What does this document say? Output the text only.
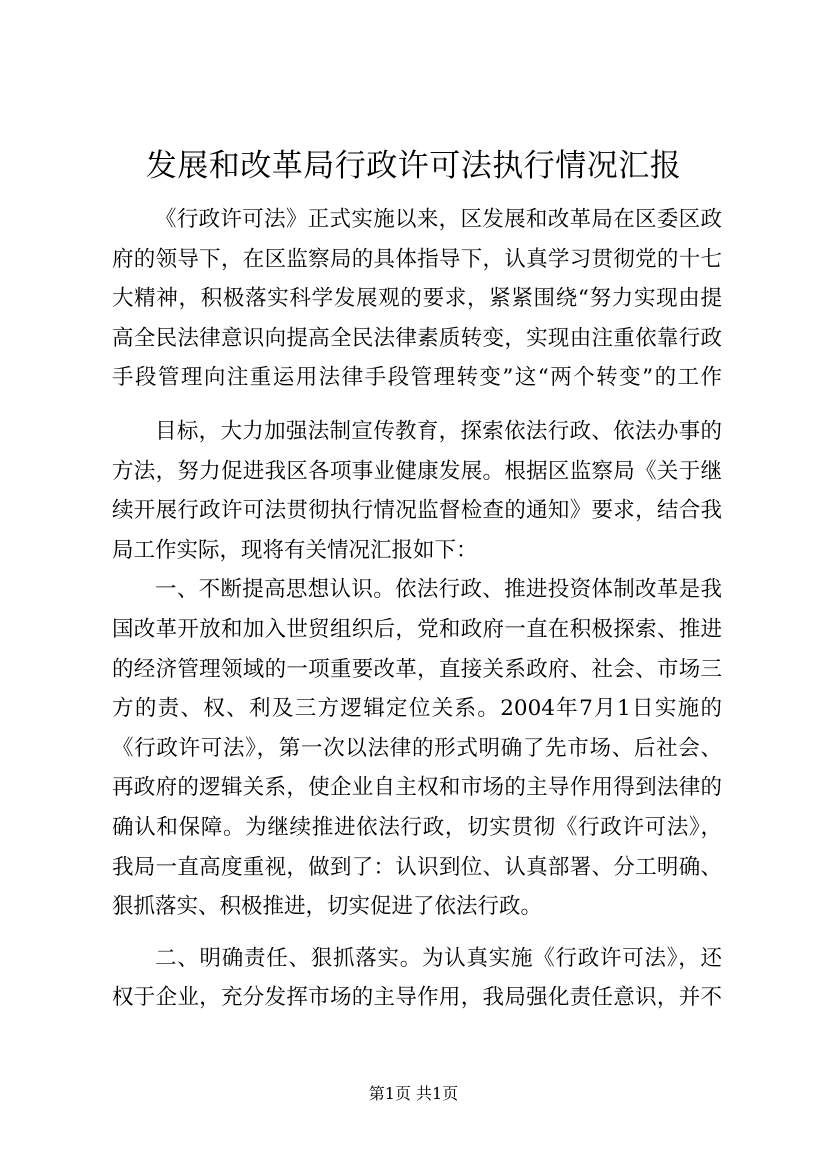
发展和改革局行政许可法执行情况汇报
《行政许可法》正式实施以来，区发展和改革局在区委区政
府的领导下，在区监察局的具体指导下，认真学习贯彻党的十七
大精神，积极落实科学发展观的要求，紧紧围绕“努力实现由提
高全民法律意识向提高全民法律素质转变，实现由注重依靠行政
手段管理向注重运用法律手段管理转变”这“两个转变”的工作
目标，大力加强法制宣传教育，探索依法行政、依法办事的
方法，努力促进我区各项事业健康发展。根据区监察局《关于继
续开展行政许可法贯彻执行情况监督检查的通知》要求，结合我
局工作实际，现将有关情况汇报如下：
一、不断提高思想认识。依法行政、推进投资体制改革是我
国改革开放和加入世贸组织后，党和政府一直在积极探索、推进
的经济管理领域的一项重要改革，直接关系政府、社会、市场三
方的责、权、利及三方逻辑定位关系。2004年7月1日实施的
《行政许可法》，第一次以法律的形式明确了先市场、后社会、
再政府的逻辑关系，使企业自主权和市场的主导作用得到法律的
确认和保障。为继续推进依法行政，切实贯彻《行政许可法》，
我局一直高度重视，做到了：认识到位、认真部署、分工明确、
狠抓落实、积极推进，切实促进了依法行政。
二、明确责任、狠抓落实。为认真实施《行政许可法》，还
权于企业，充分发挥市场的主导作用，我局强化责任意识，并不
第1页 共1页
